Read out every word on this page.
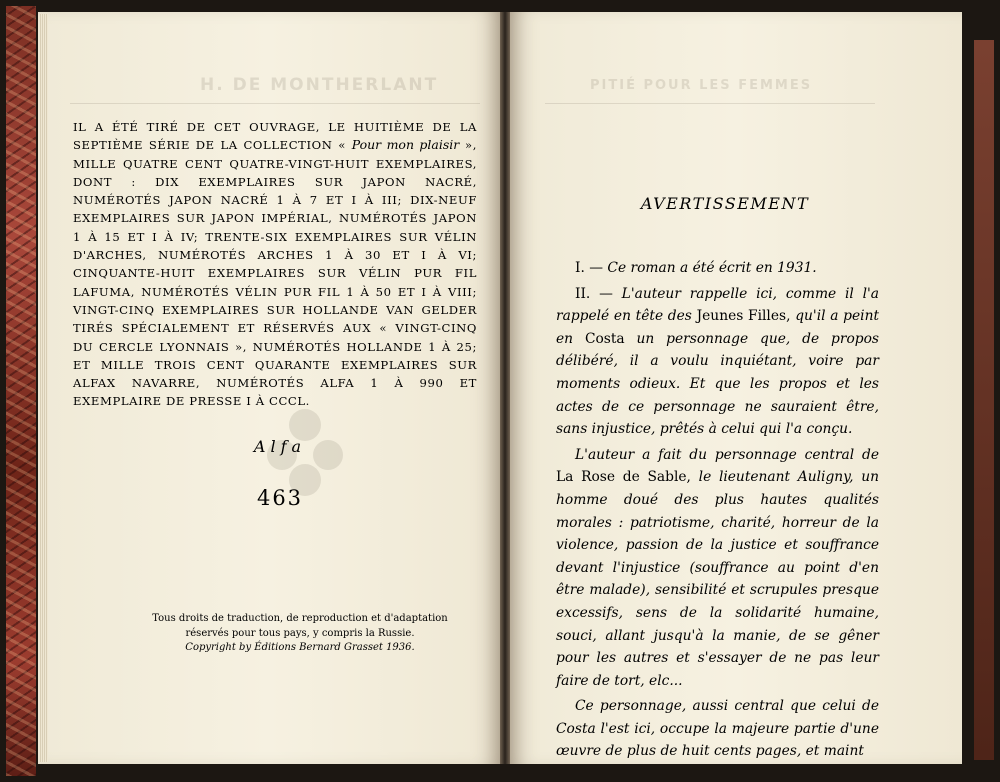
H. DE MONTHERLANT
IL A ÉTÉ TIRÉ DE CET OUVRAGE, LE HUITIÈME DE LA SEPTIÈME SÉRIE DE LA COLLECTION « Pour mon plaisir », MILLE QUATRE CENT QUATRE-VINGT-HUIT EXEMPLAIRES, DONT : DIX EXEMPLAIRES SUR JAPON NACRÉ, NUMÉROTÉS JAPON NACRÉ 1 À 7 ET I À III; DIX-NEUF EXEMPLAIRES SUR JAPON IMPÉRIAL, NUMÉROTÉS JAPON 1 À 15 ET I À IV; TRENTE-SIX EXEMPLAIRES SUR VÉLIN D'ARCHES, NUMÉROTÉS ARCHES 1 À 30 ET I À VI; CINQUANTE-HUIT EXEMPLAIRES SUR VÉLIN PUR FIL LAFUMA, NUMÉROTÉS VÉLIN PUR FIL 1 À 50 ET I À VIII; VINGT-CINQ EXEMPLAIRES SUR HOLLANDE VAN GELDER TIRÉS SPÉCIALEMENT ET RÉSERVÉS AUX « VINGT-CINQ DU CERCLE LYONNAIS », NUMÉROTÉS HOLLANDE 1 À 25; ET MILLE TROIS CENT QUARANTE EXEMPLAIRES SUR ALFAX NAVARRE, NUMÉROTÉS ALFA 1 À 990 ET EXEMPLAIRE DE PRESSE I À CCCL.
Alfa
463
Tous droits de traduction, de reproduction et d'adaptation
réservés pour tous pays, y compris la Russie.
Copyright by Éditions Bernard Grasset 1936.
PITIÉ POUR LES FEMMES
AVERTISSEMENT

I. — Ce roman a été écrit en 1931.

II. — L'auteur rappelle ici, comme il l'a rappelé en tête des Jeunes Filles, qu'il a peint en Costa un personnage que, de propos délibéré, il a voulu inquiétant, voire par moments odieux. Et que les propos et les actes de ce personnage ne sauraient être, sans injustice, prêtés à celui qui l'a conçu.

L'auteur a fait du personnage central de La Rose de Sable, le lieutenant Auligny, un homme doué des plus hautes qualités morales : patriotisme, charité, horreur de la violence, passion de la justice et souffrance devant l'injustice (souffrance au point d'en être malade), sensibilité et scrupules presque excessifs, sens de la solidarité humaine, souci, allant jusqu'à la manie, de se gêner pour les autres et s'essayer de ne pas leur faire de tort, elc...

Ce personnage, aussi central que celui de Costa l'est ici, occupe la majeure partie d'une œuvre de plus de huit cents pages, et maint
